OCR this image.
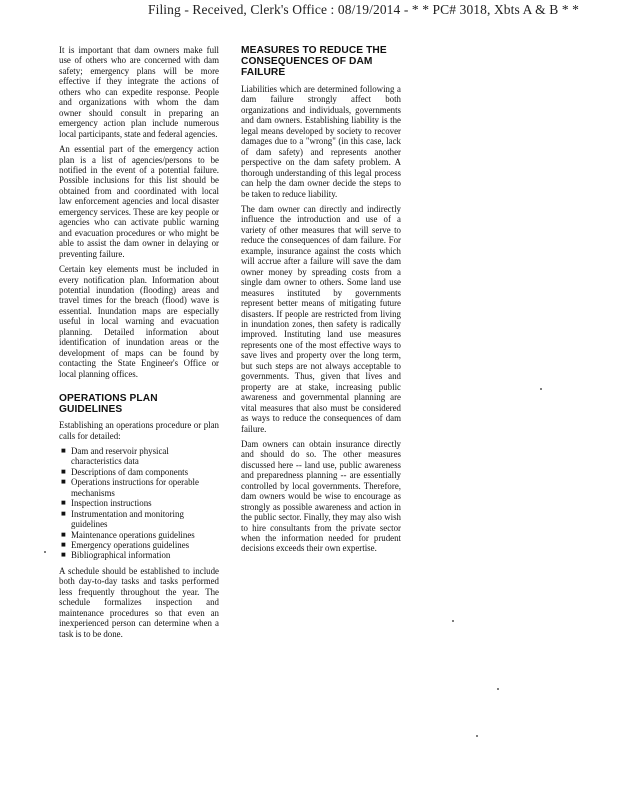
Filing - Received, Clerk's Office : 08/19/2014 - * * PC# 3018, Xbts A & B * *

It is important that dam owners make full use of others who are concerned with dam safety; emergency plans will be more effective if they integrate the actions of others who can expedite response. People and organizations with whom the dam owner should consult in preparing an emergency action plan include numerous local participants, state and federal agencies.

An essential part of the emergency action plan is a list of agencies/persons to be notified in the event of a potential failure. Possible inclusions for this list should be obtained from and coordinated with local law enforcement agencies and local disaster emergency services. These are key people or agencies who can activate public warning and evacuation procedures or who might be able to assist the dam owner in delaying or preventing failure.

Certain key elements must be included in every notification plan. Information about potential inundation (flooding) areas and travel times for the breach (flood) wave is essential. Inundation maps are especially useful in local warning and evacuation planning. Detailed information about identification of inundation areas or the development of maps can be found by contacting the State Engineer's Office or local planning offices.

OPERATIONS PLAN GUIDELINES

Establishing an operations procedure or plan calls for detailed:

■ Dam and reservoir physical characteristics data
■ Descriptions of dam components
■ Operations instructions for operable mechanisms
■ Inspection instructions
■ Instrumentation and monitoring guidelines
■ Maintenance operations guidelines
■ Emergency operations guidelines
■ Bibliographical information

A schedule should be established to include both day-to-day tasks and tasks performed less frequently throughout the year. The schedule formalizes inspection and maintenance procedures so that even an inexperienced person can determine when a task is to be done.

MEASURES TO REDUCE THE CONSEQUENCES OF DAM FAILURE

Liabilities which are determined following a dam failure strongly affect both organizations and individuals, governments and dam owners. Establishing liability is the legal means developed by society to recover damages due to a "wrong" (in this case, lack of dam safety) and represents another perspective on the dam safety problem. A thorough understanding of this legal process can help the dam owner decide the steps to be taken to reduce liability.

The dam owner can directly and indirectly influence the introduction and use of a variety of other measures that will serve to reduce the consequences of dam failure. For example, insurance against the costs which will accrue after a failure will save the dam owner money by spreading costs from a single dam owner to others. Some land use measures instituted by governments represent better means of mitigating future disasters. If people are restricted from living in inundation zones, then safety is radically improved. Instituting land use measures represents one of the most effective ways to save lives and property over the long term, but such steps are not always acceptable to governments. Thus, given that lives and property are at stake, increasing public awareness and governmental planning are vital measures that also must be considered as ways to reduce the consequences of dam failure.

Dam owners can obtain insurance directly and should do so. The other measures discussed here -- land use, public awareness and preparedness planning -- are essentially controlled by local governments. Therefore, dam owners would be wise to encourage as strongly as possible awareness and action in the public sector. Finally, they may also wish to hire consultants from the private sector when the information needed for prudent decisions exceeds their own expertise.
